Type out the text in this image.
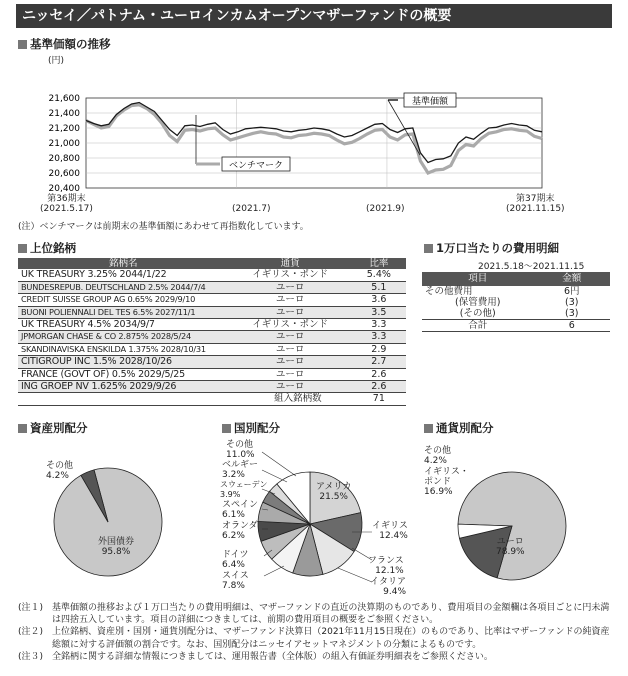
ニッセイ／パトナム・ユーロインカムオープンマザーファンドの概要
基準価額の推移
(円)
21,600
21,400
21,200
21,000
20,800
20,600
20,400
基準価額
ベンチマーク
第36期末
(2021.5.17)	(2021.7)	(2021.9)
第37期末
(2021.11.15)
(注）ベンチマークは前期末の基準価額にあわせて再指数化しています。
上位銘柄
銘柄名	通貨	比率
UK TREASURY 3.25% 2044/1/22	イギリス・ポンド	5.4%
BUNDESREPUB. DEUTSCHLAND 2.5% 2044/7/4	ユーロ	5.1
CREDIT SUISSE GROUP AG 0.65% 2029/9/10	ユーロ	3.6
BUONI POLIENNALI DEL TES 6.5% 2027/11/1	ユーロ	3.5
UK TREASURY 4.5% 2034/9/7	イギリス・ポンド	3.3
JPMORGAN CHASE & CO 2.875% 2028/5/24	ユーロ	3.3
SKANDINAVISKA ENSKILDA 1.375% 2028/10/31	ユーロ	2.9
CITIGROUP INC 1.5% 2028/10/26	ユーロ	2.7
FRANCE (GOVT OF) 0.5% 2029/5/25	ユーロ	2.6
ING GROEP NV 1.625% 2029/9/26	ユーロ	2.6
組入銘柄数		71
1万口当たりの費用明細
2021.5.18～2021.11.15
項目	金額
その他費用	6円
(保管費用)	(3)
(その他)	(3)
合計	6
資産別配分	国別配分	通貨別配分
その他
4.2%
外国債券
95.8%
その他
11.0%
ベルギー
3.2%
スウェーデン
3.9%
スペイン
6.1%
オランダ
6.2%
ドイツ
6.4%
スイス
7.8%
アメリカ
21.5%
イギリス
12.4%
フランス
12.1%
イタリア
9.4%
その他
4.2%
イギリス・ポンド
16.9%
ユーロ
78.9%
(注１) 基準価額の推移および１万口当たりの費用明細は、マザーファンドの直近の決算期のものであり、費用項目の金額欄は各項目ごとに円未満は四捨五入しています。項目の詳細につきましては、前期の費用項目の概要をご参照ください。
(注２) 上位銘柄、資産別・国別・通貨別配分は、マザーファンド決算日（2021年11月15日現在）のものであり、比率はマザーファンドの純資産総額に対する評価額の割合です。なお、国別配分はニッセイアセットマネジメントの分類によるものです。
(注３) 全銘柄に関する詳細な情報につきましては、運用報告書（全体版）の組入有価証券明細表をご参照ください。
